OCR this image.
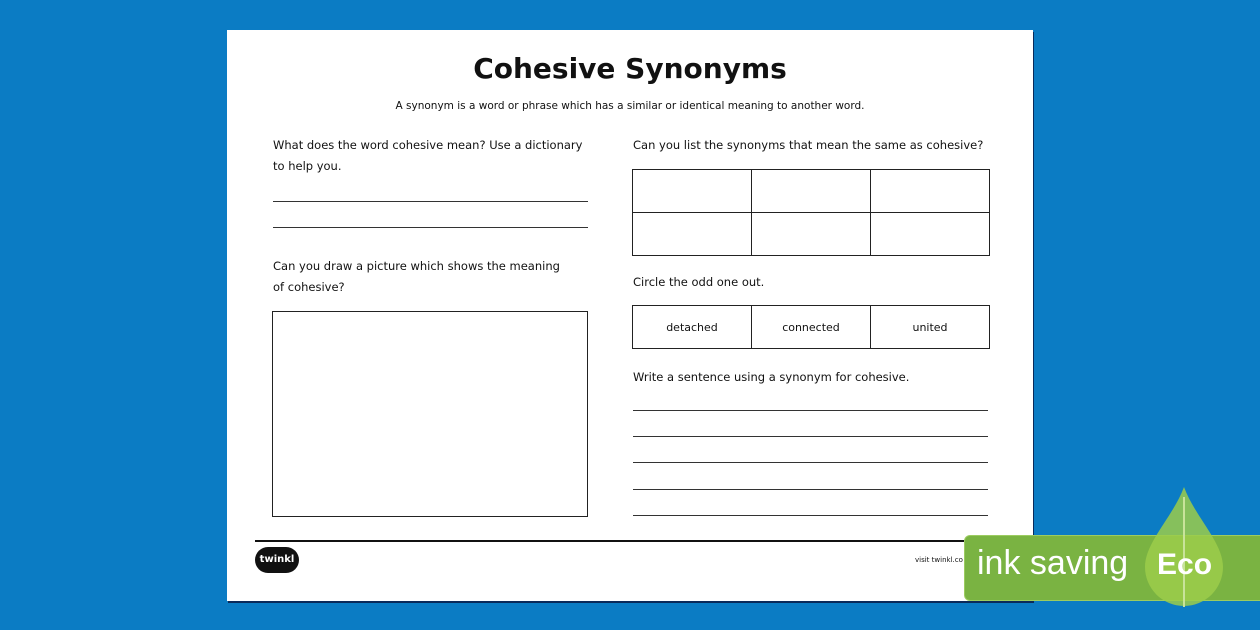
Cohesive Synonyms
A synonym is a word or phrase which has a similar or identical meaning to another word.
What does the word cohesive mean? Use a dictionary
to help you.
Can you draw a picture which shows the meaning
of cohesive?
Can you list the synonyms that mean the same as cohesive?

Circle the odd one out.
detached	connected	united
Write a sentence using a synonym for cohesive.
twinkl	visit twinkl.co ink saving Eco
